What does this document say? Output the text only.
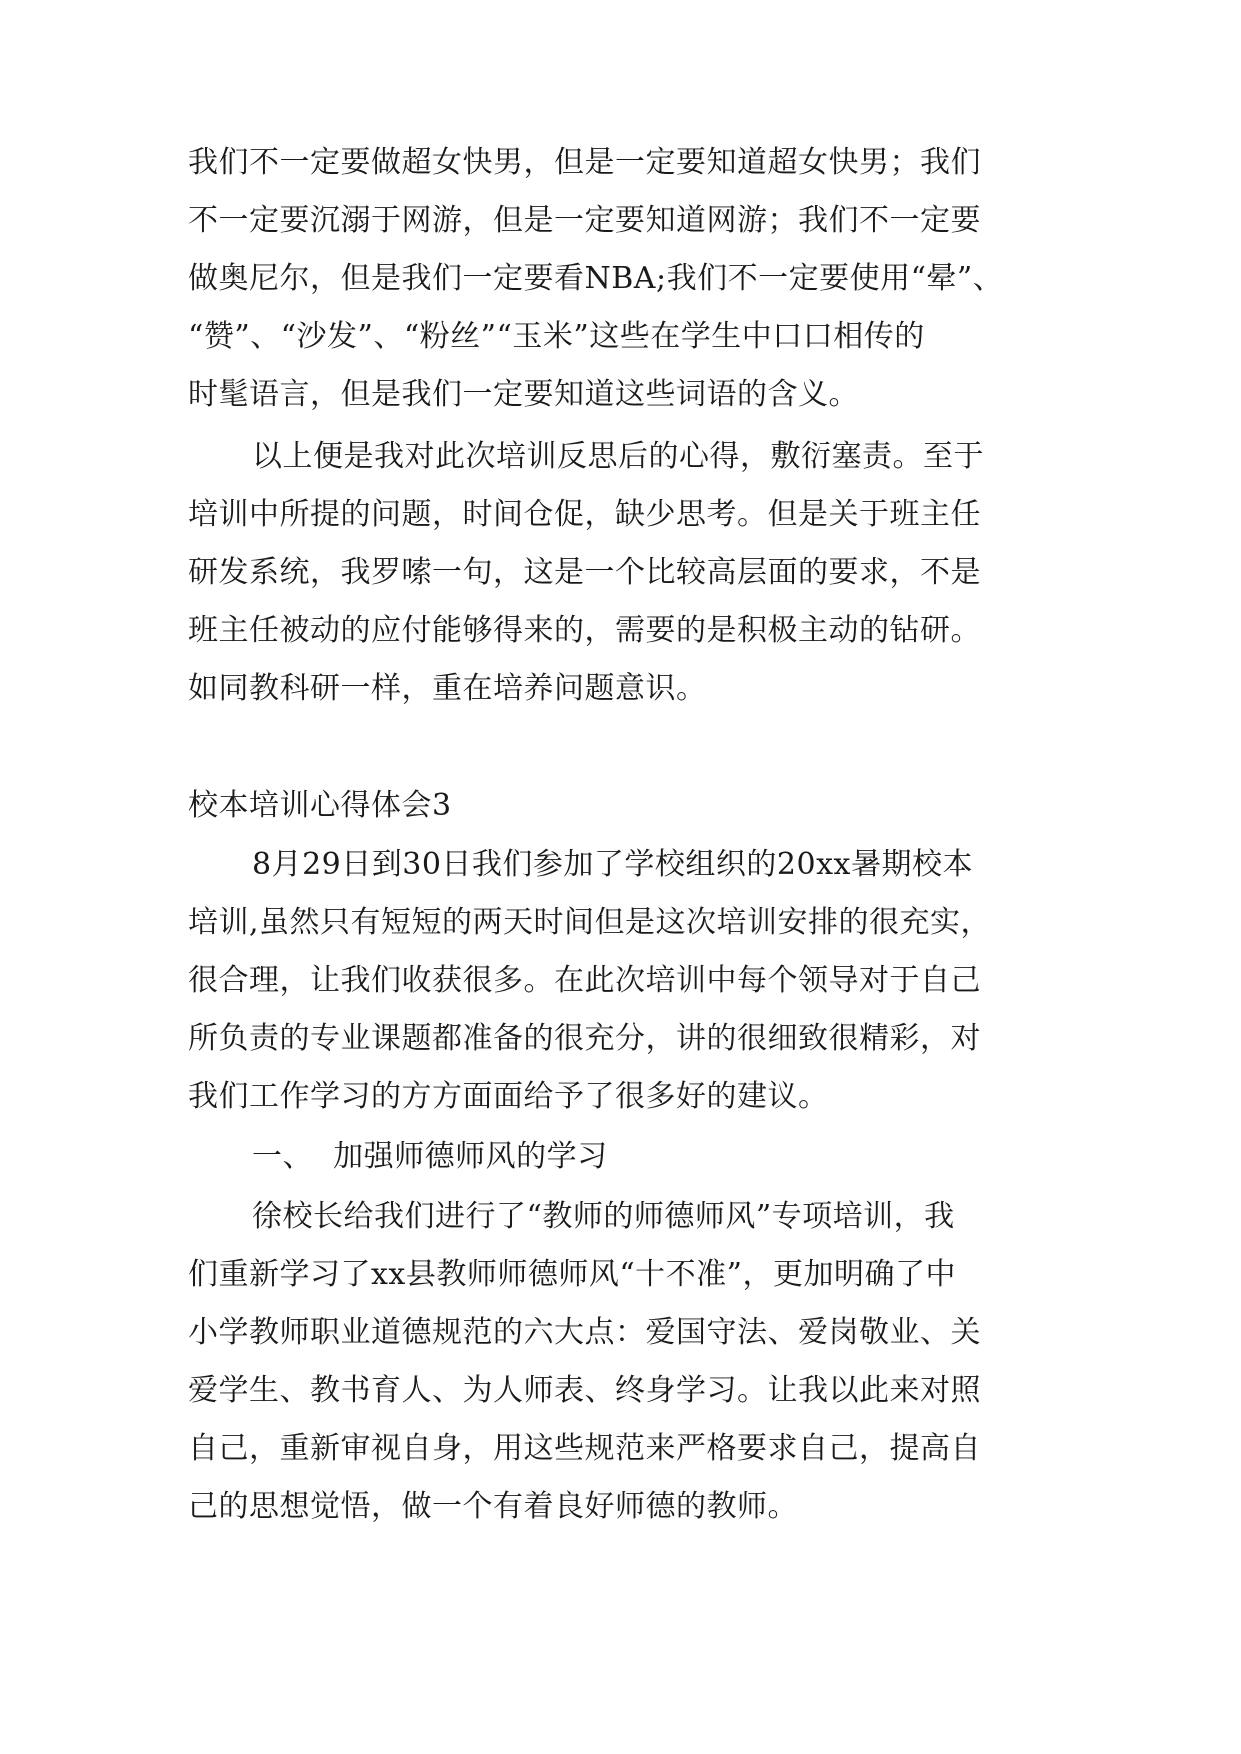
我们不一定要做超女快男，但是一定要知道超女快男；我们
不一定要沉溺于网游，但是一定要知道网游；我们不一定要
做奥尼尔，但是我们一定要看NBA;我们不一定要使用“晕”、
“赞”、“沙发”、“粉丝”“玉米”这些在学生中口口相传的
时髦语言，但是我们一定要知道这些词语的含义。
以上便是我对此次培训反思后的心得，敷衍塞责。至于
培训中所提的问题，时间仓促，缺少思考。但是关于班主任
研发系统，我罗嗦一句，这是一个比较高层面的要求，不是
班主任被动的应付能够得来的，需要的是积极主动的钻研。
如同教科研一样，重在培养问题意识。
校本培训心得体会3
8月29日到30日我们参加了学校组织的20xx暑期校本
培训,虽然只有短短的两天时间但是这次培训安排的很充实，
很合理，让我们收获很多。在此次培训中每个领导对于自己
所负责的专业课题都准备的很充分，讲的很细致很精彩，对
我们工作学习的方方面面给予了很多好的建议。
一、  加强师德师风的学习
徐校长给我们进行了“教师的师德师风”专项培训，我
们重新学习了xx县教师师德师风“十不准”，更加明确了中
小学教师职业道德规范的六大点：爱国守法、爱岗敬业、关
爱学生、教书育人、为人师表、终身学习。让我以此来对照
自己，重新审视自身，用这些规范来严格要求自己，提高自
己的思想觉悟，做一个有着良好师德的教师。
